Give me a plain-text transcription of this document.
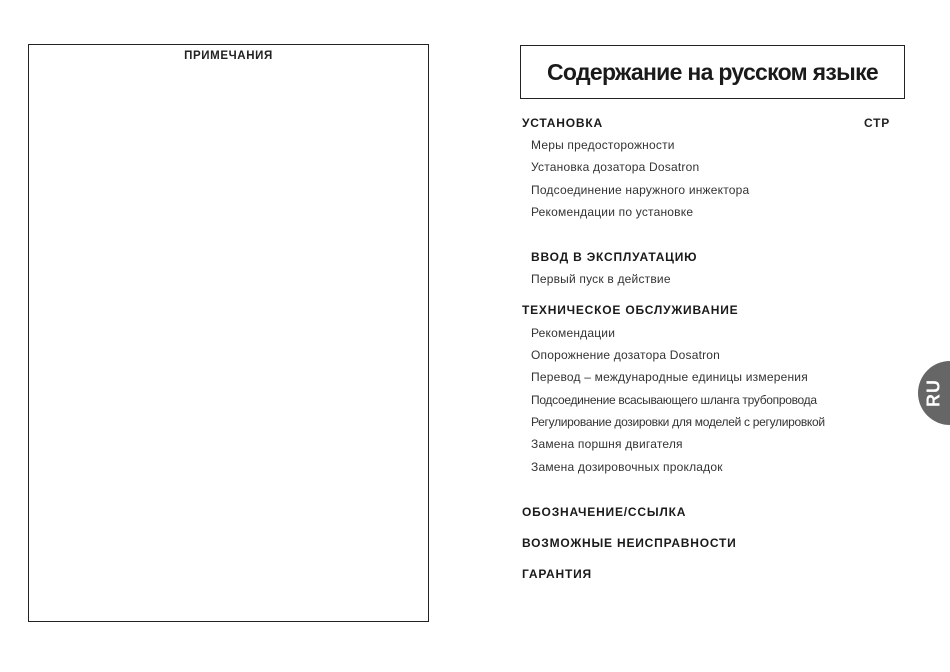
ПРИМЕЧАНИЯ
Содержание на русском языке
СТР
УСТАНОВКА
Меры предосторожности
Установка дозатора Dosatron
Подсоединение наружного инжектора
Рекомендации по установке
ВВОД В ЭКСПЛУАТАЦИЮ
Первый пуск в действие
ТЕХНИЧЕСКОЕ ОБСЛУЖИВАНИЕ
Рекомендации
Опорожнение дозатора Dosatron
Перевод – международные единицы измерения
Подсоединение всасывающего шланга трубопровода
Регулирование дозировки для моделей с регулировкой
Замена поршня двигателя
Замена дозировочных прокладок
ОБОЗНАЧЕНИЕ/ССЫЛКА
ВОЗМОЖНЫЕ НЕИСПРАВНОСТИ
ГАРАНТИЯ
RU
